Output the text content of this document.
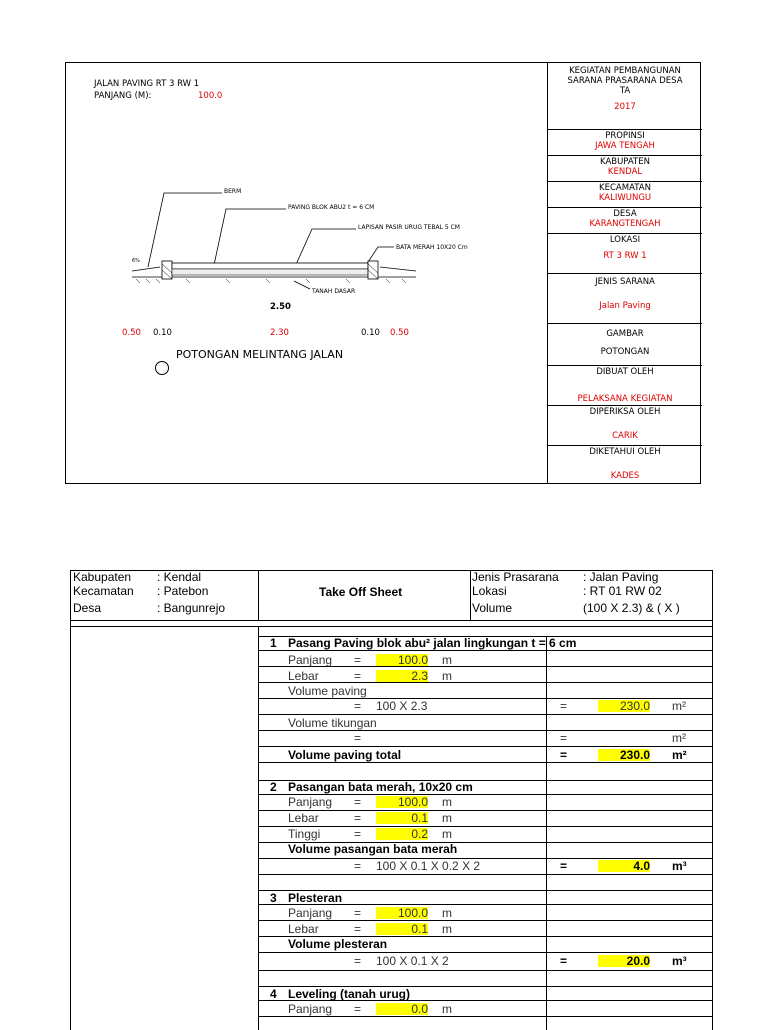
JALAN PAVING RT 3 RW 1
PANJANG (M):	100.0
BERM
PAVING BLOK ABU2 t = 6 CM
LAPISAN PASIR URUG TEBAL 5 CM
BATA MERAH 10X20 Cm
TANAH DASAR
6%
2.50
0.50 0.10	2.30	0.10 0.50
POTONGAN MELINTANG JALAN
KEGIATAN PEMBANGUNAN SARANA PRASARANA DESA TA
2017
PROPINSI
JAWA TENGAH
KABUPATEN
KENDAL
KECAMATAN
KALIWUNGU
DESA
KARANGTENGAH
LOKASI
RT 3 RW 1
JENIS SARANA
Jalan Paving
GAMBAR
POTONGAN
DIBUAT OLEH
PELAKSANA KEGIATAN
DIPERIKSA OLEH
CARIK
DIKETAHUI OLEH
KADES
Kabupaten : Kendal
Kecamatan : Patebon
Desa	: Bangunrejo
Take Off Sheet
Jenis Prasarana : Jalan Paving
Lokasi	: RT 01 RW 02
Volume	(100 X 2.3) & ( X )
1 Pasang Paving blok abu² jalan lingkungan t = 6 cm
Panjang =	100.0 m
Lebar	=	2.3 m
Volume paving
= 100 X 2.3	=	230.0 m²
Volume tikungan
=	=	m²
Volume paving total	=	230.0 m²
2 Pasangan bata merah, 10x20 cm
Panjang =	100.0 m
Lebar	=	0.1 m
Tinggi	=	0.2 m
Volume pasangan bata merah
= 100 X 0.1 X 0.2 X 2	=	4.0 m³
3 Plesteran
Panjang =	100.0 m
Lebar	=	0.1 m
Volume plesteran
= 100 X 0.1 X 2	=	20.0 m³
4 Leveling (tanah urug)
Panjang =	0.0 m
